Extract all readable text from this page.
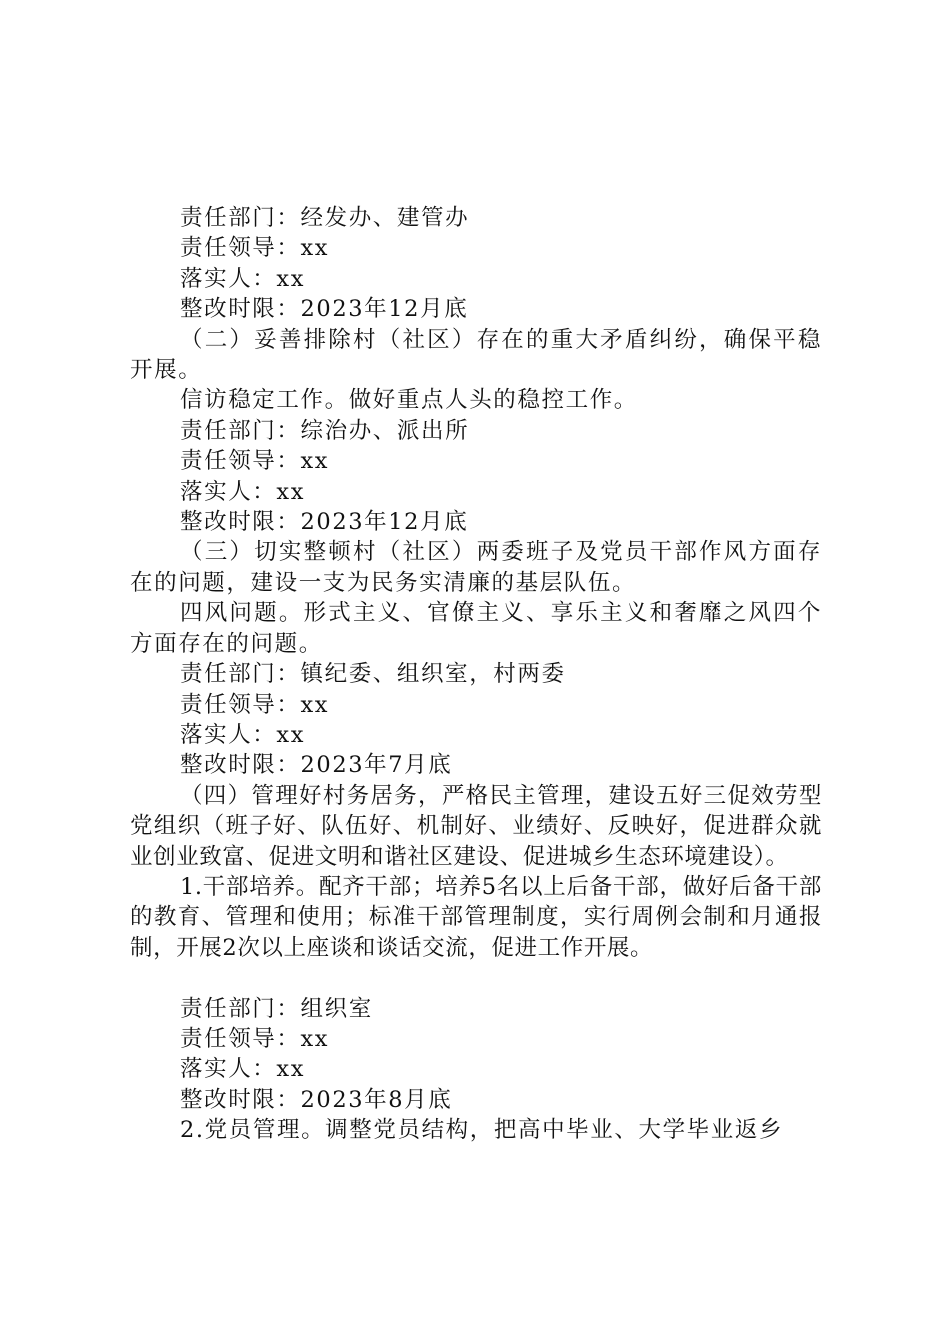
责任部门：经发办、建管办

责任领导：xx

落实人：xx

整改时限：2023年12月底

（二）妥善排除村（社区）存在的重大矛盾纠纷，确保平稳开展。

信访稳定工作。做好重点人头的稳控工作。

责任部门：综治办、派出所

责任领导：xx

落实人：xx

整改时限：2023年12月底

（三）切实整顿村（社区）两委班子及党员干部作风方面存在的问题，建设一支为民务实清廉的基层队伍。

四风问题。形式主义、官僚主义、享乐主义和奢靡之风四个方面存在的问题。

责任部门：镇纪委、组织室，村两委

责任领导：xx

落实人：xx

整改时限：2023年7月底

（四）管理好村务居务，严格民主管理，建设五好三促效劳型党组织（班子好、队伍好、机制好、业绩好、反映好，促进群众就业创业致富、促进文明和谐社区建设、促进城乡生态环境建设）。

1.干部培养。配齐干部；培养5名以上后备干部，做好后备干部的教育、管理和使用；标准干部管理制度，实行周例会制和月通报制，开展2次以上座谈和谈话交流，促进工作开展。

责任部门：组织室

责任领导：xx

落实人：xx

整改时限：2023年8月底

2.党员管理。调整党员结构，把高中毕业、大学毕业返乡
